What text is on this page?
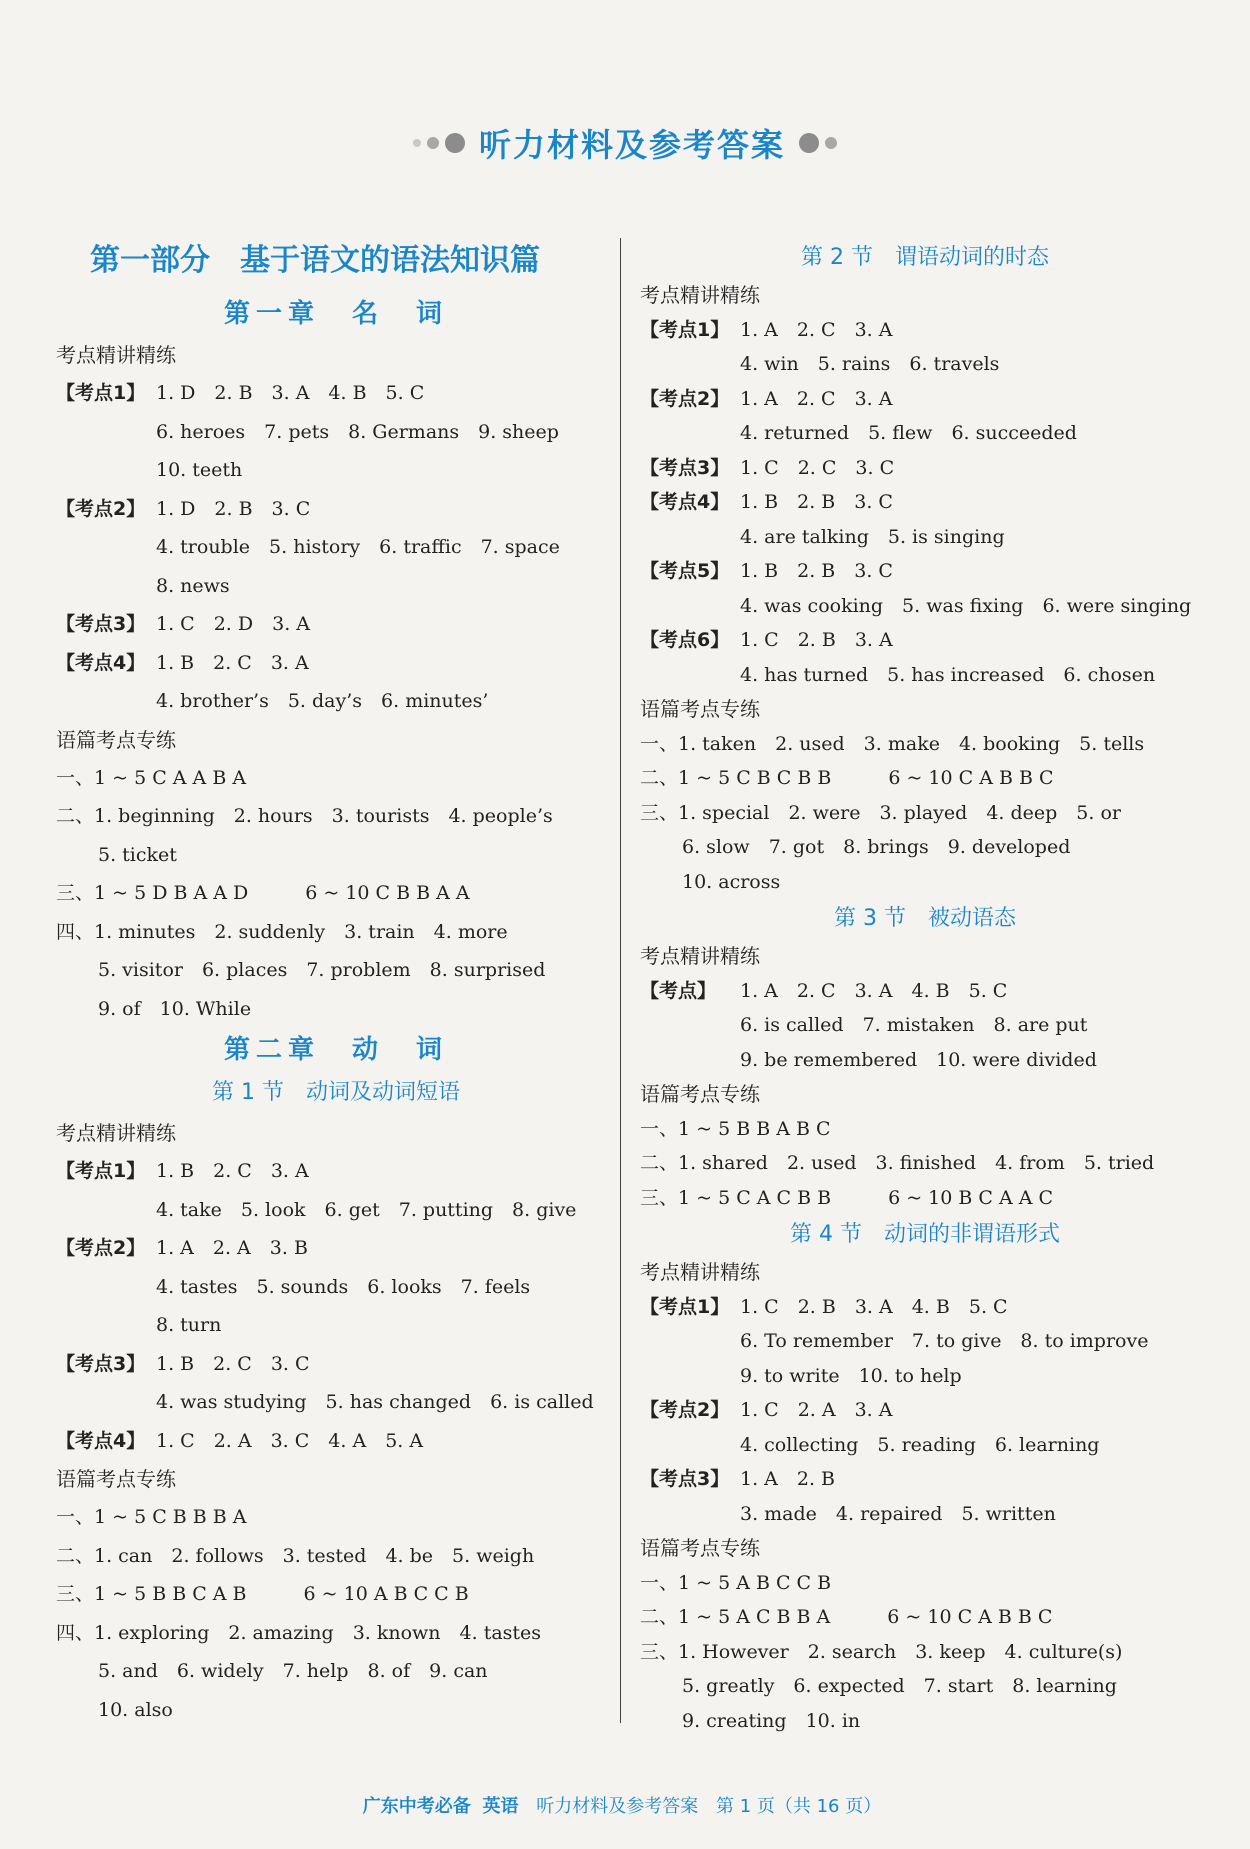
听力材料及参考答案
第一部分　基于语文的语法知识篇
第一章　名　词
考点精讲精练
【考点1】 1. D　2. B　3. A　4. B　5. C
6. heroes　7. pets　8. Germans　9. sheep
10. teeth
【考点2】 1. D　2. B　3. C
4. trouble　5. history　6. traffic　7. space
8. news
【考点3】 1. C　2. D　3. A
【考点4】 1. B　2. C　3. A
4. brother’s　5. day’s　6. minutes’
语篇考点专练
一、1 ~ 5 C A A B A
二、1. beginning　2. hours　3. tourists　4. people’s
5. ticket
三、1 ~ 5 D B A A D　　　6 ~ 10 C B B A A
四、1. minutes　2. suddenly　3. train　4. more
5. visitor　6. places　7. problem　8. surprised
9. of　10. While
第二章　动　词
第 1 节　动词及动词短语
考点精讲精练
【考点1】 1. B　2. C　3. A
4. take　5. look　6. get　7. putting　8. give
【考点2】 1. A　2. A　3. B
4. tastes　5. sounds　6. looks　7. feels
8. turn
【考点3】 1. B　2. C　3. C
4. was studying　5. has changed　6. is called
【考点4】 1. C　2. A　3. C　4. A　5. A
语篇考点专练
一、1 ~ 5 C B B B A
二、1. can　2. follows　3. tested　4. be　5. weigh
三、1 ~ 5 B B C A B　　　6 ~ 10 A B C C B
四、1. exploring　2. amazing　3. known　4. tastes
5. and　6. widely　7. help　8. of　9. can
10. also
第 2 节　谓语动词的时态
考点精讲精练
【考点1】 1. A　2. C　3. A
4. win　5. rains　6. travels
【考点2】 1. A　2. C　3. A
4. returned　5. flew　6. succeeded
【考点3】 1. C　2. C　3. C
【考点4】 1. B　2. B　3. C
4. are talking　5. is singing
【考点5】 1. B　2. B　3. C
4. was cooking　5. was fixing　6. were singing
【考点6】 1. C　2. B　3. A
4. has turned　5. has increased　6. chosen
语篇考点专练
一、1. taken　2. used　3. make　4. booking　5. tells
二、1 ~ 5 C B C B B　　　6 ~ 10 C A B B C
三、1. special　2. were　3. played　4. deep　5. or
6. slow　7. got　8. brings　9. developed
10. across
第 3 节　被动语态
考点精讲精练
【考点】 1. A　2. C　3. A　4. B　5. C
6. is called　7. mistaken　8. are put
9. be remembered　10. were divided
语篇考点专练
一、1 ~ 5 B B A B C
二、1. shared　2. used　3. finished　4. from　5. tried
三、1 ~ 5 C A C B B　　　6 ~ 10 B C A A C
第 4 节　动词的非谓语形式
考点精讲精练
【考点1】 1. C　2. B　3. A　4. B　5. C
6. To remember　7. to give　8. to improve
9. to write　10. to help
【考点2】 1. C　2. A　3. A
4. collecting　5. reading　6. learning
【考点3】 1. A　2. B
3. made　4. repaired　5. written
语篇考点专练
一、1 ~ 5 A B C C B
二、1 ~ 5 A C B B A　　　6 ~ 10 C A B B C
三、1. However　2. search　3. keep　4. culture(s)
5. greatly　6. expected　7. start　8. learning
9. creating　10. in
广东中考必备 英语 听力材料及参考答案 第 1 页（共 16 页）
